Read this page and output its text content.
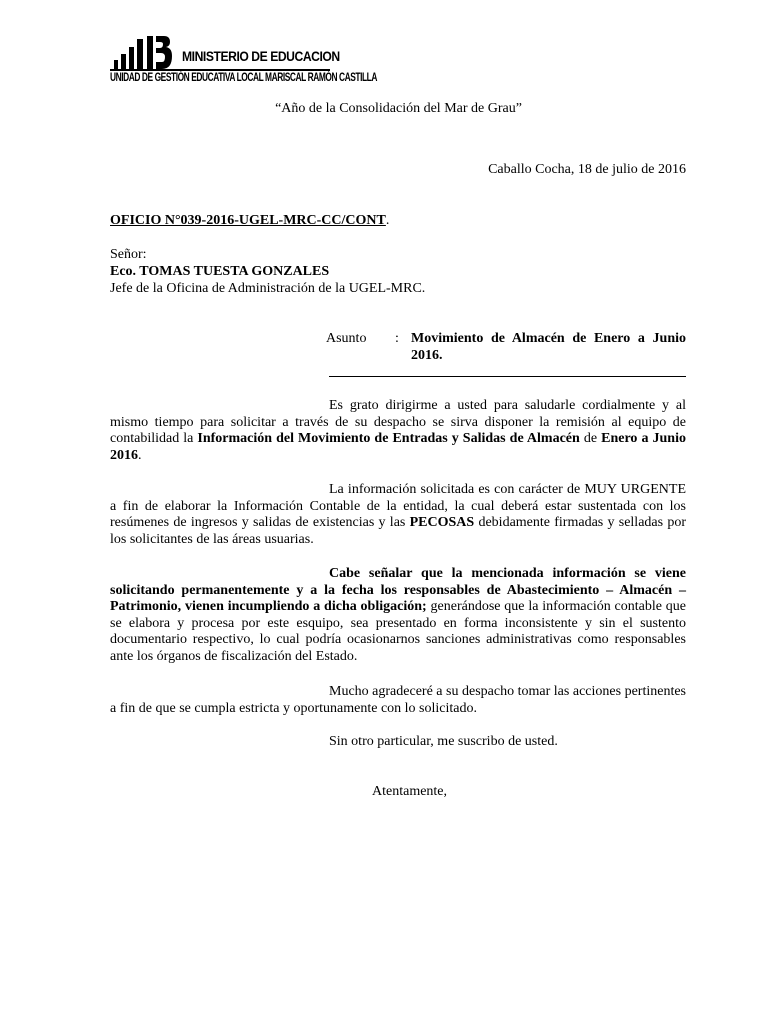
MINISTERIO DE EDUCACION
UNIDAD DE GESTIÓN EDUCATIVA LOCAL MARISCAL RAMÓN CASTILLA
“Año de la Consolidación del Mar de Grau”
Caballo Cocha, 18 de julio de 2016
OFICIO N°039-2016-UGEL-MRC-CC/CONT.
Señor:
Eco. TOMAS TUESTA GONZALES
Jefe de la Oficina de Administración de la UGEL-MRC.
Asunto : Movimiento de Almacén de Enero a Junio 2016.

Es grato dirigirme a usted para saludarle cordialmente y al mismo tiempo para solicitar a través de su despacho se sirva disponer la remisión al equipo de contabilidad la Información del Movimiento de Entradas y Salidas de Almacén de Enero a Junio 2016.

La información solicitada es con carácter de MUY URGENTE a fin de elaborar la Información Contable de la entidad, la cual deberá estar sustentada con los resúmenes de ingresos y salidas de existencias y las PECOSAS debidamente firmadas y selladas por los solicitantes de las áreas usuarias.

Cabe señalar que la mencionada información se viene solicitando permanentemente y a la fecha los responsables de Abastecimiento – Almacén – Patrimonio, vienen incumpliendo a dicha obligación; generándose que la información contable que se elabora y procesa por este esquipo, sea presentado en forma inconsistente y sin el sustento documentario respectivo, lo cual podría ocasionarnos sanciones administrativas como responsables ante los órganos de fiscalización del Estado.

Mucho agradeceré a su despacho tomar las acciones pertinentes a fin de que se cumpla estricta y oportunamente con lo solicitado.

Sin otro particular, me suscribo de usted.
Atentamente,
